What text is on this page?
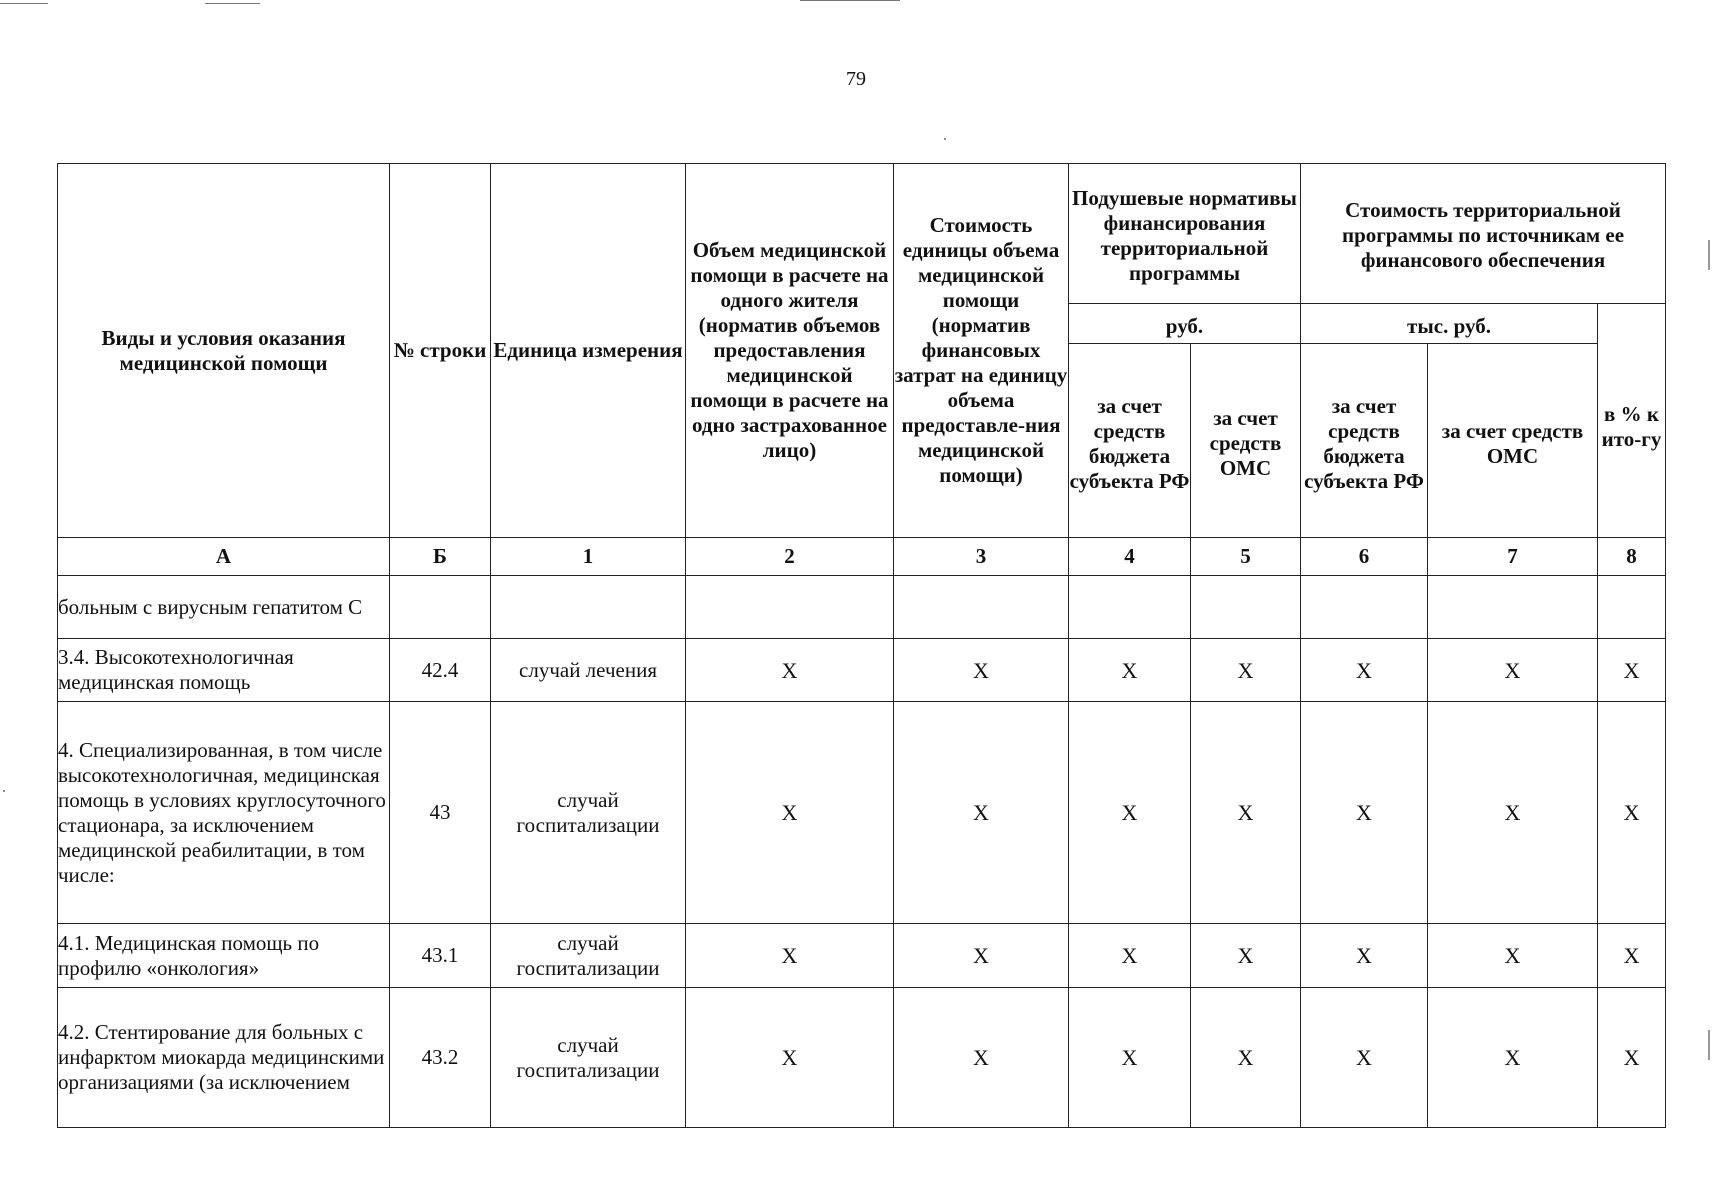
79
Виды и условия оказания медицинской помощи	№ строки	Единица измерения	Объем медицинской помощи в расчете на одного жителя (норматив объемов предоставления медицинской помощи в расчете на одно застрахованное лицо)	Стоимость единицы объема медицинской помощи (норматив финансовых затрат на единицу объема предоставле-ния медицинской помощи)	Подушевые нормативы финансирования территориальной программы		Стоимость территориальной программы по источникам ее финансового обеспечения		
					руб.		тыс. руб.		в % к ито-гу
					за счет средств бюджета субъекта РФ	за счет средств ОМС	за счет средств бюджета субъекта РФ	за счет средств ОМС	
А	Б	1	2	3	4	5	6	7	8
больным с вирусным гепатитом С									
3.4. Высокотехнологичная медицинская помощь	42.4	случай лечения	Х	Х	Х	Х	Х	Х	Х
4. Специализированная, в том числе высокотехнологичная, медицинская помощь в условиях круглосуточного стационара, за исключением медицинской реабилитации, в том числе:	43	случай госпитализации	Х	Х	Х	Х	Х	Х	Х
4.1. Медицинская помощь по профилю «онкология»	43.1	случай госпитализации	Х	Х	Х	Х	Х	Х	Х
4.2. Стентирование для больных с инфарктом миокарда медицинскими организациями (за исключением	43.2	случай госпитализации	Х	Х	Х	Х	Х	Х	Х
